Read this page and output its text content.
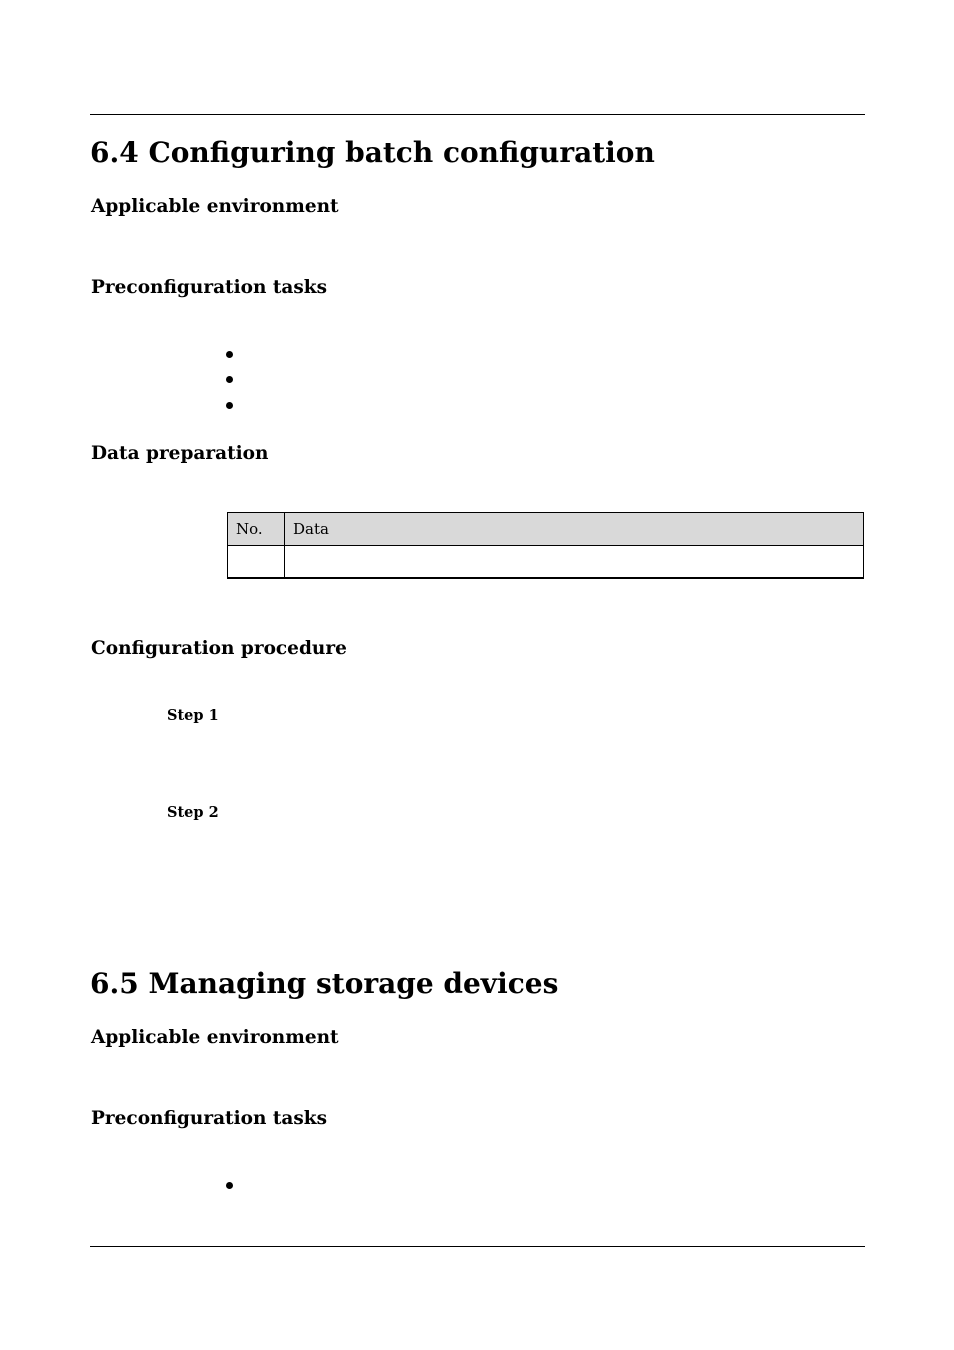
6.4 Configuring batch configuration
Applicable environment
Preconfiguration tasks
Data preparation
No.	Data

Configuration procedure
Step 1
Step 2
6.5 Managing storage devices
Applicable environment
Preconfiguration tasks
